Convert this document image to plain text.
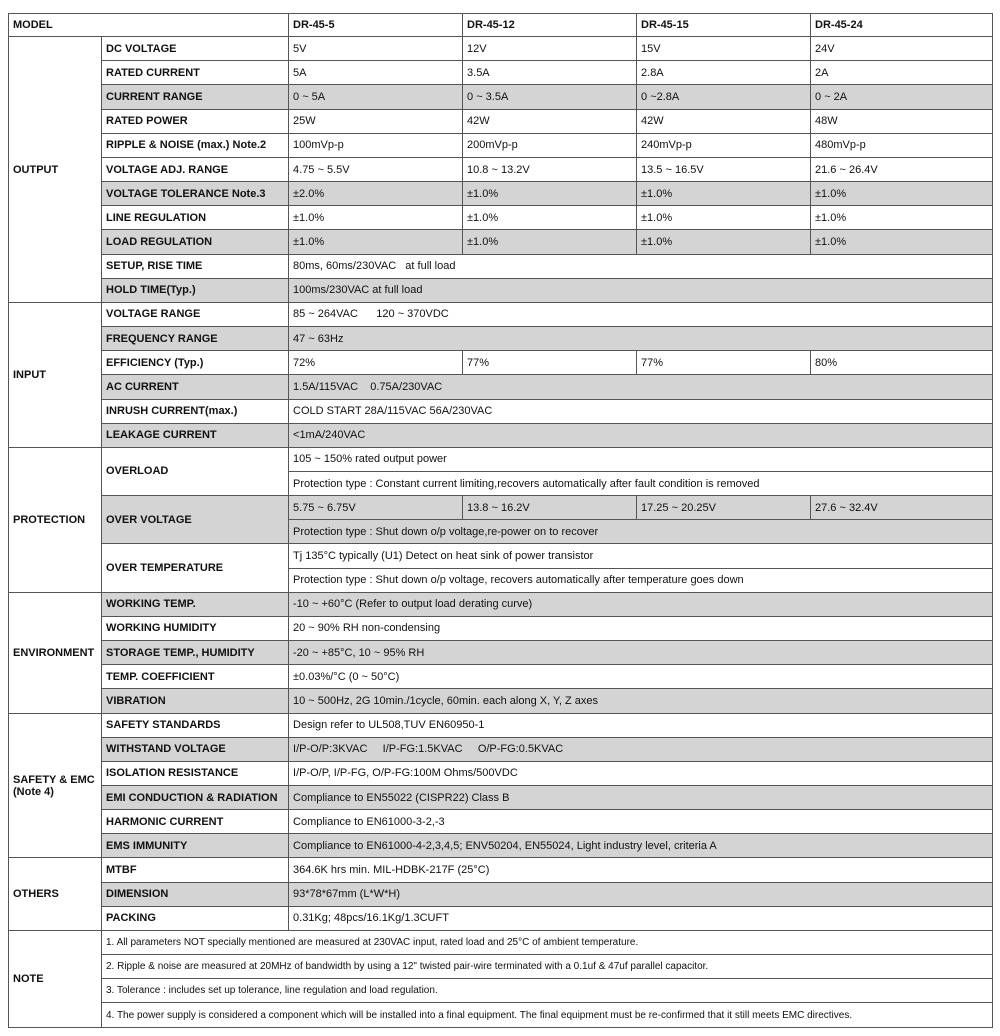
MODEL		DR-45-5	DR-45-12	DR-45-15	DR-45-24
OUTPUT	DC VOLTAGE	5V	12V	15V	24V
	RATED CURRENT	5A	3.5A	2.8A	2A
	CURRENT RANGE	0 ~ 5A	0 ~ 3.5A	0 ~2.8A	0 ~ 2A
	RATED POWER	25W	42W	42W	48W
	RIPPLE & NOISE (max.) Note.2	100mVp-p	200mVp-p	240mVp-p	480mVp-p
	VOLTAGE ADJ. RANGE	4.75 ~ 5.5V	10.8 ~ 13.2V	13.5 ~ 16.5V	21.6 ~ 26.4V
	VOLTAGE TOLERANCE Note.3	±2.0%	±1.0%	±1.0%	±1.0%
	LINE REGULATION	±1.0%	±1.0%	±1.0%	±1.0%
	LOAD REGULATION	±1.0%	±1.0%	±1.0%	±1.0%
	SETUP, RISE TIME	80ms, 60ms/230VAC   at full load			
	HOLD TIME(Typ.)	100ms/230VAC at full load			
INPUT	VOLTAGE RANGE	85 ~ 264VAC      120 ~ 370VDC			
	FREQUENCY RANGE	47 ~ 63Hz			
	EFFICIENCY (Typ.)	72%	77%	77%	80%
	AC CURRENT	1.5A/115VAC    0.75A/230VAC			
	INRUSH CURRENT(max.)	COLD START 28A/115VAC 56A/230VAC			
	LEAKAGE CURRENT	<1mA/240VAC			
PROTECTION	OVERLOAD	105 ~ 150% rated output power			
		Protection type : Constant current limiting,recovers automatically after fault condition is removed			
	OVER VOLTAGE	5.75 ~ 6.75V	13.8 ~ 16.2V	17.25 ~ 20.25V	27.6 ~ 32.4V
		Protection type : Shut down o/p voltage,re-power on to recover			
	OVER TEMPERATURE	Tj 135°C typically (U1) Detect on heat sink of power transistor			
		Protection type : Shut down o/p voltage, recovers automatically after temperature goes down			
ENVIRONMENT	WORKING TEMP.	-10 ~ +60°C (Refer to output load derating curve)			
	WORKING HUMIDITY	20 ~ 90% RH non-condensing			
	STORAGE TEMP., HUMIDITY	-20 ~ +85°C, 10 ~ 95% RH			
	TEMP. COEFFICIENT	±0.03%/°C (0 ~ 50°C)			
	VIBRATION	10 ~ 500Hz, 2G 10min./1cycle, 60min. each along X, Y, Z axes			
SAFETY & EMC
(Note 4)	SAFETY STANDARDS	Design refer to UL508,TUV EN60950-1			
	WITHSTAND VOLTAGE	I/P-O/P:3KVAC     I/P-FG:1.5KVAC     O/P-FG:0.5KVAC			
	ISOLATION RESISTANCE	I/P-O/P, I/P-FG, O/P-FG:100M Ohms/500VDC			
	EMI CONDUCTION & RADIATION	Compliance to EN55022 (CISPR22) Class B			
	HARMONIC CURRENT	Compliance to EN61000-3-2,-3			
	EMS IMMUNITY	Compliance to EN61000-4-2,3,4,5; ENV50204, EN55024, Light industry level, criteria A			
OTHERS	MTBF	364.6K hrs min. MIL-HDBK-217F (25°C)			
	DIMENSION	93*78*67mm (L*W*H)			
	PACKING	0.31Kg; 48pcs/16.1Kg/1.3CUFT			
NOTE	1. All parameters NOT specially mentioned are measured at 230VAC input, rated load and 25°C of ambient temperature.				
	2. Ripple & noise are measured at 20MHz of bandwidth by using a 12" twisted pair-wire terminated with a 0.1uf & 47uf parallel capacitor.				
	3. Tolerance : includes set up tolerance, line regulation and load regulation.				
	4. The power supply is considered a component which will be installed into a final equipment. The final equipment must be re-confirmed that it still meets EMC directives.				
